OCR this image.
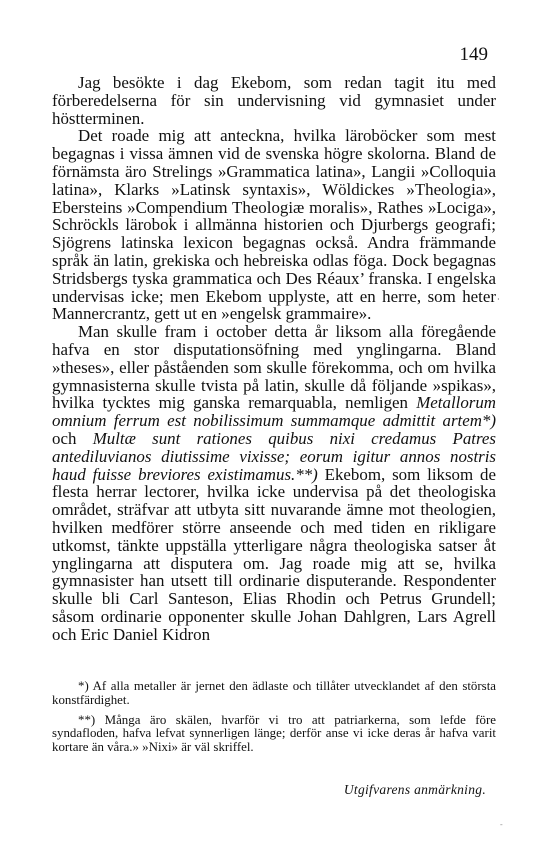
149

Jag besökte i dag Ekebom, som redan tagit itu med förberedelserna för sin undervisning vid gymnasiet under höstterminen.

Det roade mig att anteckna, hvilka läroböcker som mest begagnas i vissa ämnen vid de svenska högre skolorna. Bland de förnämsta äro Strelings »Grammatica latina», Langii »Colloquia latina», Klarks »Latinsk syntaxis», Wöldickes »Theologia», Ebersteins »Compendium Theologiæ moralis», Rathes »Lociga», Schröckls lärobok i allmänna historien och Djurbergs geografi; Sjögrens latinska lexicon begagnas också. Andra främmande språk än latin, grekiska och hebreiska odlas föga. Dock begagnas Stridsbergs tyska grammatica och Des Réaux’ franska. I engelska undervisas icke; men Ekebom upplyste, att en herre, som heter Mannercrantz, gett ut en »engelsk grammaire».

Man skulle fram i october detta år liksom alla föregående hafva en stor disputationsöfning med ynglingarna. Bland »theses», eller påståenden som skulle förekomma, och om hvilka gymnasisterna skulle tvista på latin, skulle då följande »spikas», hvilka tycktes mig ganska remarquabla, nemligen Metallorum omnium ferrum est nobilissimum summamque admittit artem*) och Multæ sunt rationes quibus nixi credamus Patres antediluvianos diutissime vixisse; eorum igitur annos nostris haud fuisse breviores existimamus.**) Ekebom, som liksom de flesta herrar lectorer, hvilka icke undervisa på det theologiska området, sträfvar att utbyta sitt nuvarande ämne mot theologien, hvilken medförer större anseende och med tiden en rikligare utkomst, tänkte uppställa ytterligare några theologiska satser åt ynglingarna att disputera om. Jag roade mig att se, hvilka gymnasister han utsett till ordinarie disputerande. Respondenter skulle bli Carl Santeson, Elias Rhodin och Petrus Grundell; såsom ordinarie opponenter skulle Johan Dahlgren, Lars Agrell och Eric Daniel Kidron

*) Af alla metaller är jernet den ädlaste och tillåter utvecklandet af den största konstfärdighet.

**) Många äro skälen, hvarför vi tro att patriarkerna, som lefde före syndafloden, hafva lefvat synnerligen länge; derför anse vi icke deras år hafva varit kortare än våra.» »Nixi» är väl skriffel.

Utgifvarens anmärkning.
·
-
